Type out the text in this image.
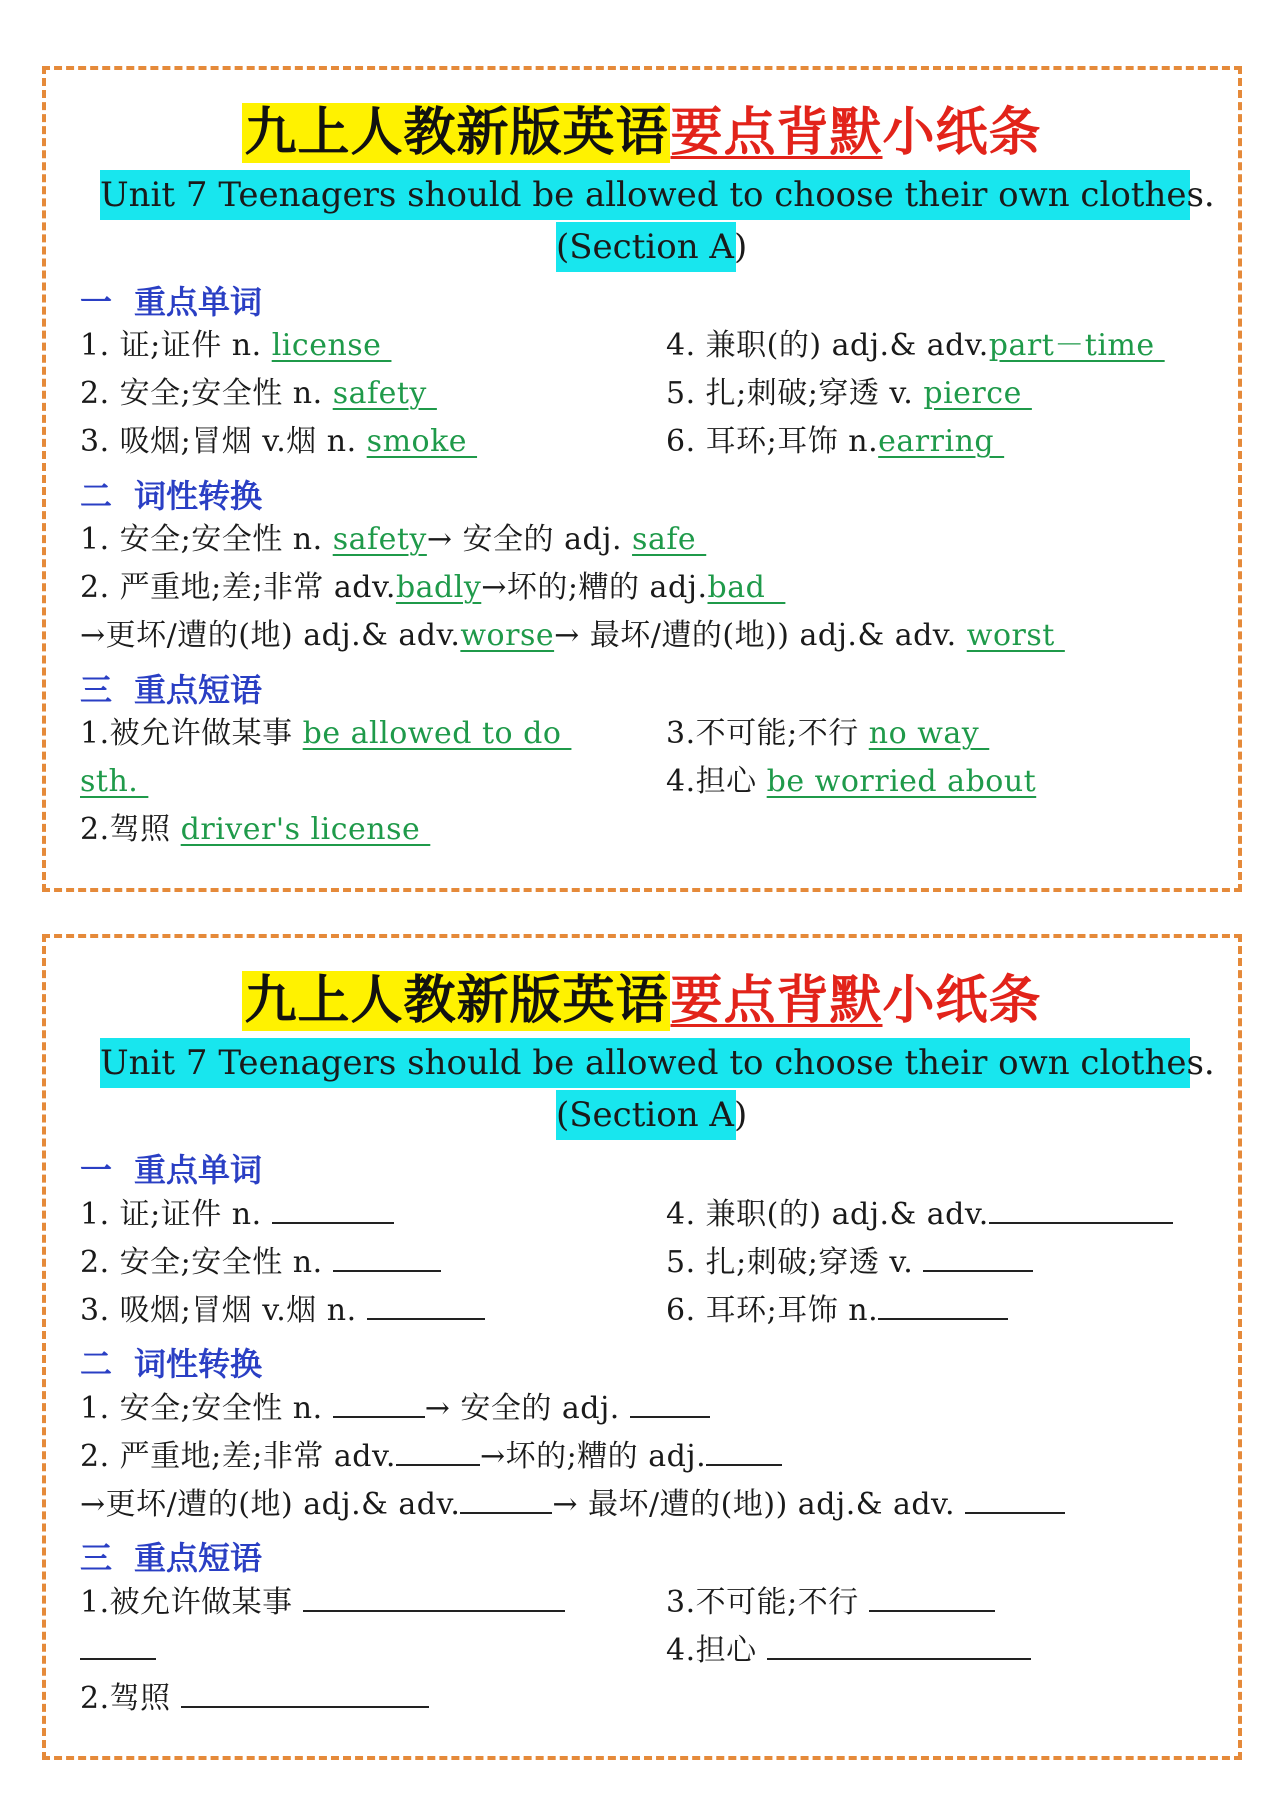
九上人教新版英语要点背默小纸条
Unit 7 Teenagers should be allowed to choose their own clothes.
(Section A)
一 重点单词
1. 证;证件 n. license
2. 安全;安全性 n. safety
3. 吸烟;冒烟 v.烟 n. smoke
4. 兼职(的) adj.& adv.part－time
5. 扎;刺破;穿透 v. pierce
6. 耳环;耳饰 n.earring
二 词性转换
1. 安全;安全性 n. safety→ 安全的 adj. safe
2. 严重地;差;非常 adv.badly→坏的;糟的 adj.bad
→更坏/遭的(地) adj.& adv.worse→ 最坏/遭的(地)) adj.& adv. worst
三 重点短语
1.被允许做某事 be allowed to do
sth.
2.驾照 driver's license
3.不可能;不行 no way
4.担心 be worried about
九上人教新版英语要点背默小纸条
Unit 7 Teenagers should be allowed to choose their own clothes.
(Section A)
一 重点单词
1. 证;证件 n.
2. 安全;安全性 n.
3. 吸烟;冒烟 v.烟 n.
4. 兼职(的) adj.& adv.
5. 扎;刺破;穿透 v.
6. 耳环;耳饰 n.
二 词性转换
1. 安全;安全性 n.	→ 安全的 adj.
2. 严重地;差;非常 adv.	→坏的;糟的 adj.
→更坏/遭的(地) adj.& adv.	→ 最坏/遭的(地)) adj.& adv.
三 重点短语
1.被允许做某事
2.驾照
3.不可能;不行
4.担心
